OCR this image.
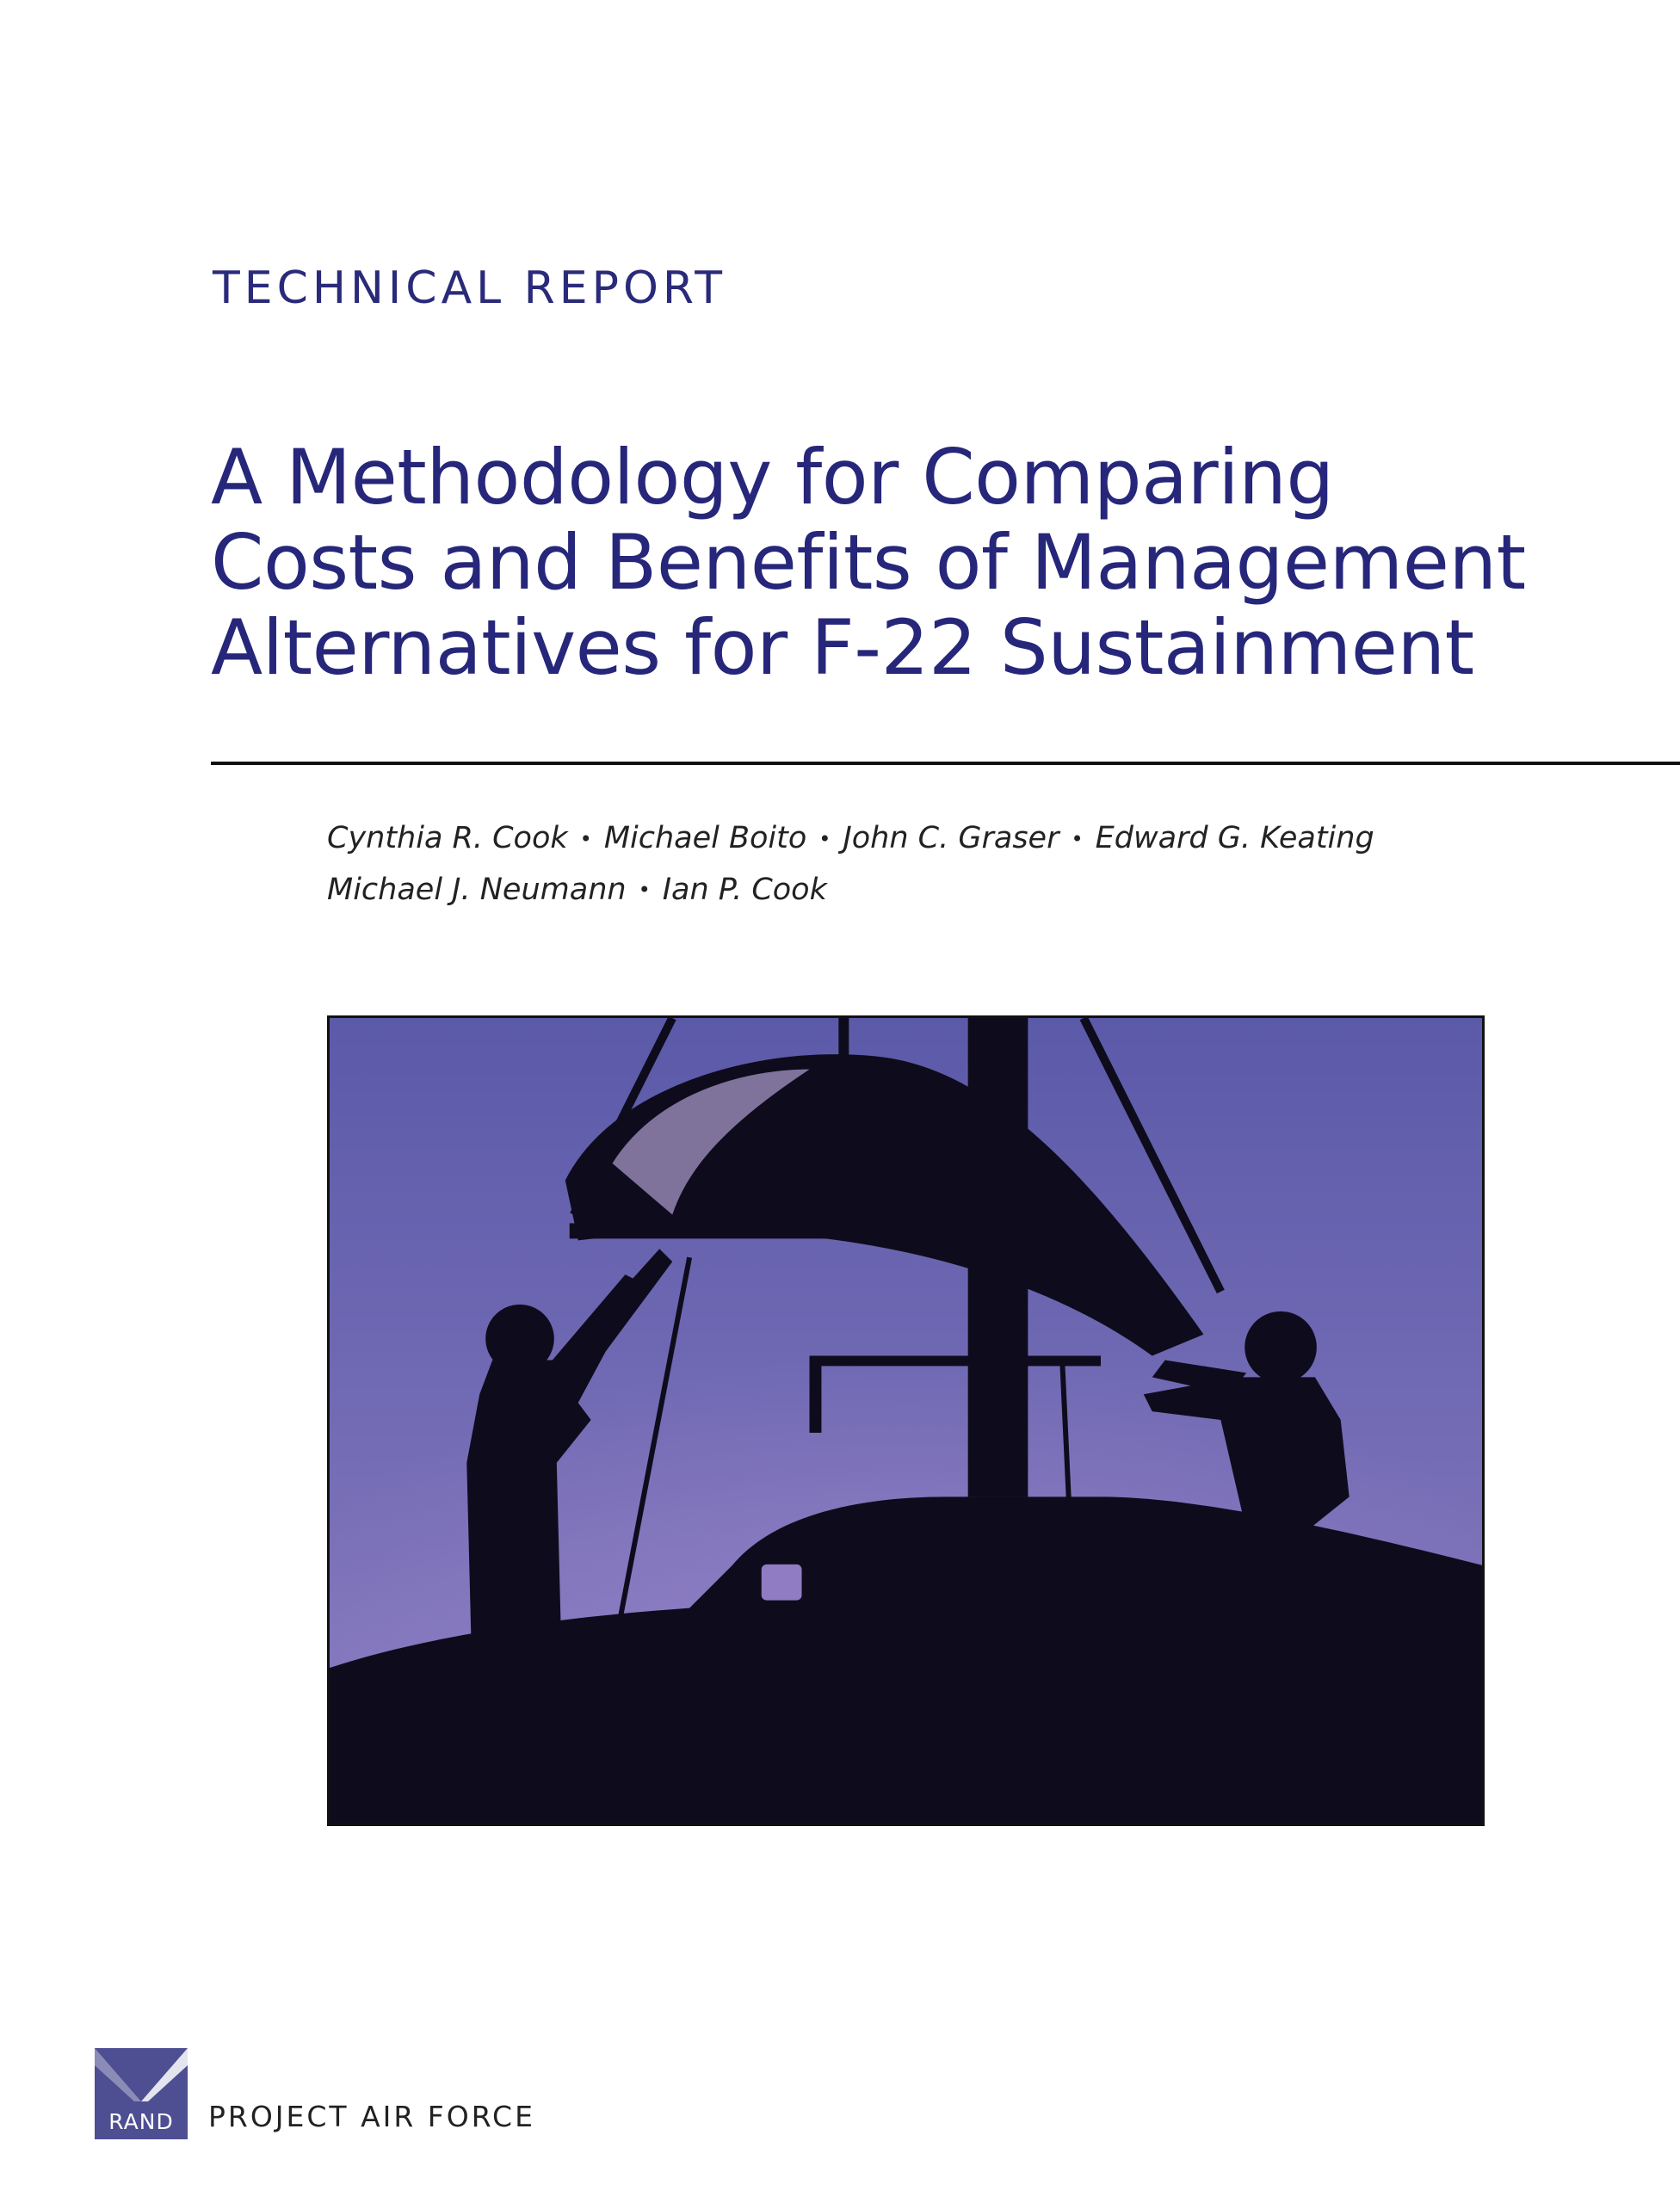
TECHNICAL REPORT
A Methodology for Comparing
Costs and Benefits of Management
Alternatives for F-22 Sustainment
Cynthia R. Cook • Michael Boito • John C. Graser • Edward G. Keating
Michael J. Neumann • Ian P. Cook
RAND	PROJECT AIR FORCE
